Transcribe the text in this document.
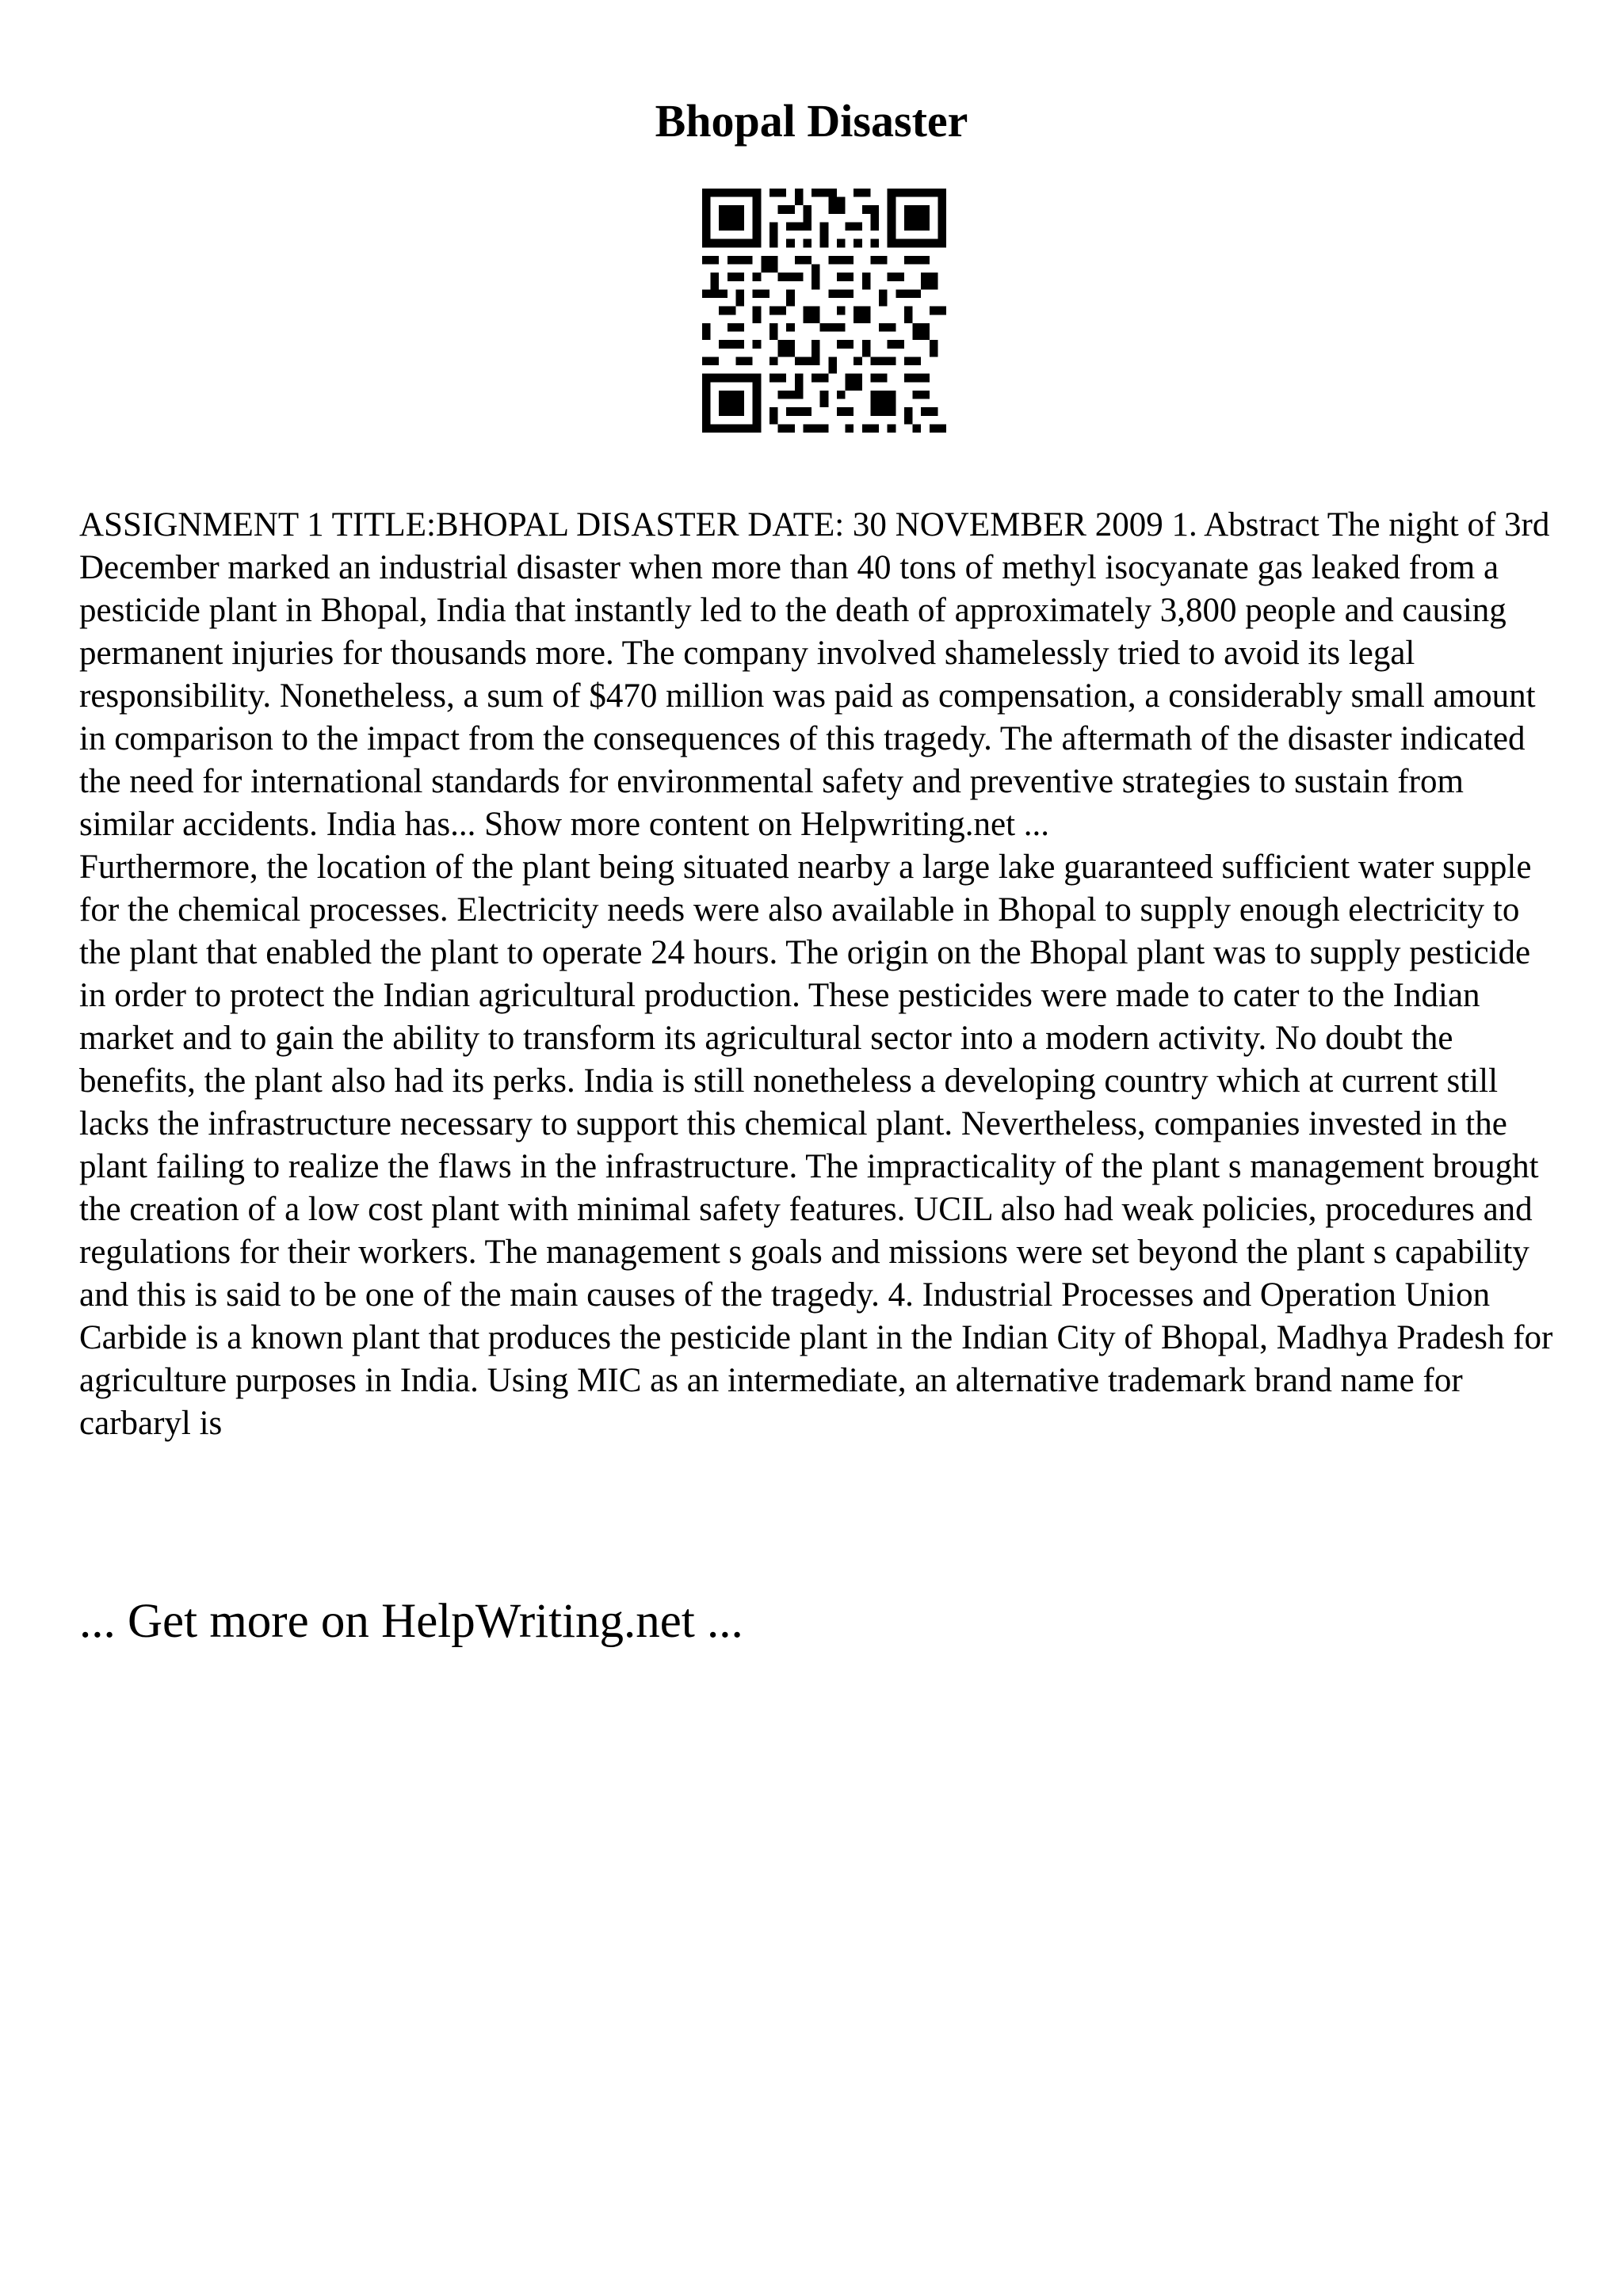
Bhopal Disaster

ASSIGNMENT 1 TITLE:BHOPAL DISASTER DATE: 30 NOVEMBER 2009 1. Abstract The night of 3rd December marked an industrial disaster when more than 40 tons of methyl isocyanate gas leaked from a pesticide plant in Bhopal, India that instantly led to the death of approximately 3,800 people and causing permanent injuries for thousands more. The company involved shamelessly tried to avoid its legal responsibility. Nonetheless, a sum of $470 million was paid as compensation, a considerably small amount in comparison to the impact from the consequences of this tragedy. The aftermath of the disaster indicated the need for international standards for environmental safety and preventive strategies to sustain from similar accidents. India has... Show more content on Helpwriting.net ...

Furthermore, the location of the plant being situated nearby a large lake guaranteed sufficient water supple for the chemical processes. Electricity needs were also available in Bhopal to supply enough electricity to the plant that enabled the plant to operate 24 hours. The origin on the Bhopal plant was to supply pesticide in order to protect the Indian agricultural production. These pesticides were made to cater to the Indian market and to gain the ability to transform its agricultural sector into a modern activity. No doubt the benefits, the plant also had its perks. India is still nonetheless a developing country which at current still lacks the infrastructure necessary to support this chemical plant. Nevertheless, companies invested in the plant failing to realize the flaws in the infrastructure. The impracticality of the plant s management brought the creation of a low cost plant with minimal safety features. UCIL also had weak policies, procedures and regulations for their workers. The management s goals and missions were set beyond the plant s capability and this is said to be one of the main causes of the tragedy. 4. Industrial Processes and Operation Union Carbide is a known plant that produces the pesticide plant in the Indian City of Bhopal, Madhya Pradesh for agriculture purposes in India. Using MIC as an intermediate, an alternative trademark brand name for carbaryl is

... Get more on HelpWriting.net ...
